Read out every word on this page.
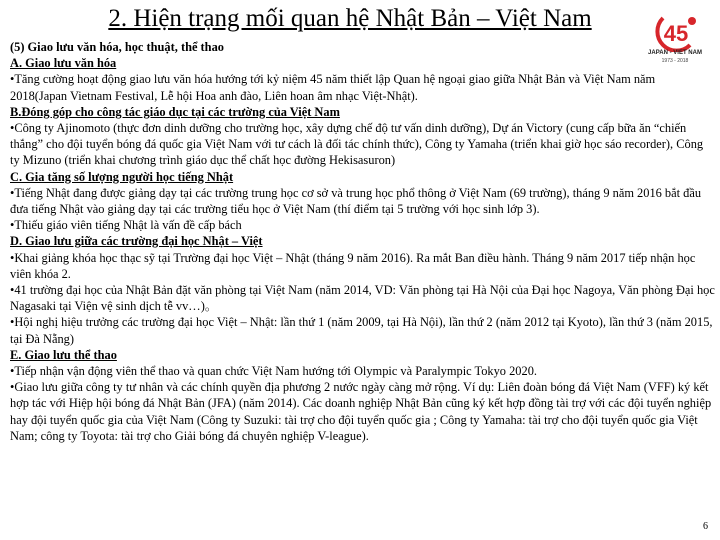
2. Hiện trạng mối quan hệ Nhật Bản – Việt Nam
45
JAPAN - VIET NAM
1973 - 2018

(5) Giao lưu văn hóa, học thuật, thể thao

A. Giao lưu văn hóa

•Tăng cường hoạt động giao lưu văn hóa hướng tới kỷ niệm 45 năm thiết lập Quan hệ ngoại giao giữa Nhật Bản và Việt Nam năm 2018(Japan Vietnam Festival, Lễ hội Hoa anh đào, Liên hoan âm nhạc Việt-Nhật).

B.Đóng góp cho công tác giáo dục tại các trường của Việt Nam

•Công ty Ajinomoto (thực đơn dinh dưỡng cho trường học, xây dựng chế độ tư vấn dinh dưỡng), Dự án Victory (cung cấp bữa ăn “chiến thắng” cho đội tuyển bóng đá quốc gia Việt Nam với tư cách là đối tác chính thức), Công ty Yamaha (triển khai giờ học sáo recorder), Công ty Mizuno (triển khai chương trình giáo dục thể chất học đường Hekisasuron)

C. Gia tăng số lượng người học tiếng Nhật

•Tiếng Nhật đang được giảng dạy tại các trường trung học cơ sở và trung học phổ thông ở Việt Nam (69 trường), tháng 9 năm 2016 bắt đầu đưa tiếng Nhật vào giảng dạy tại các trường tiểu học ở Việt Nam (thí điểm tại 5 trường với học sinh lớp 3).

•Thiếu giáo viên tiếng Nhật là vấn đề cấp bách

D. Giao lưu giữa các trường đại học Nhật – Việt

•Khai giảng khóa học thạc sỹ tại Trường đại học Việt – Nhật (tháng 9 năm 2016). Ra mắt Ban điều hành. Tháng 9 năm 2017 tiếp nhận học viên khóa 2.

•41 trường đại học của Nhật Bản đặt văn phòng tại Việt Nam (năm 2014, VD: Văn phòng tại Hà Nội của Đại học Nagoya, Văn phòng Đại học Nagasaki tại Viện vệ sinh dịch tễ vv…)。

•Hội nghị hiệu trưởng các trường đại học Việt – Nhật: lần thứ 1 (năm 2009, tại Hà Nội), lần thứ 2 (năm 2012 tại Kyoto), lần thứ 3 (năm 2015, tại Đà Nẵng)

E. Giao lưu thể thao

•Tiếp nhận vận động viên thể thao và quan chức Việt Nam hướng tới Olympic và Paralympic Tokyo 2020.

•Giao lưu giữa công ty tư nhân và các chính quyền địa phương 2 nước ngày càng mở rộng. Ví dụ: Liên đoàn bóng đá Việt Nam (VFF) ký kết hợp tác với Hiệp hội bóng đá Nhật Bản (JFA) (năm 2014). Các doanh nghiệp Nhật Bản cũng ký kết hợp đồng tài trợ với các đội tuyển nghiệp hay đội tuyển quốc gia của Việt Nam (Công ty Suzuki: tài trợ cho đội tuyển quốc gia ; Công ty Yamaha: tài trợ cho đội tuyển quốc gia Việt Nam; công ty Toyota: tài trợ cho Giải bóng đá chuyên nghiệp V-league).

6
